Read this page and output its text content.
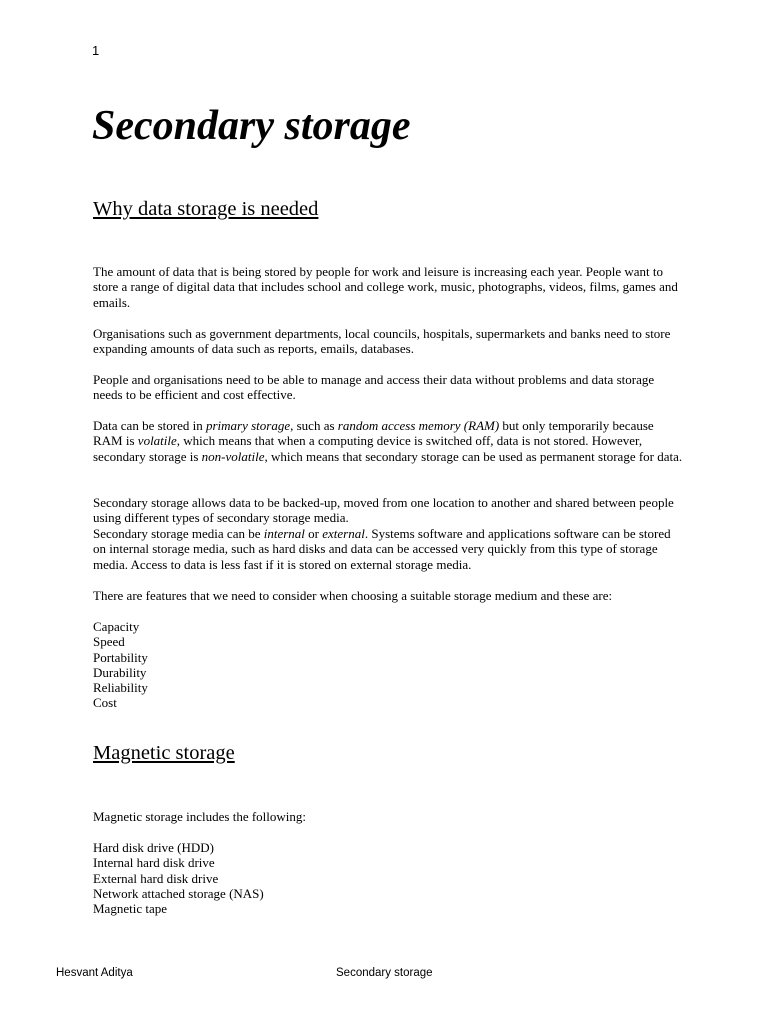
1
Secondary storage
Why data storage is needed

The amount of data that is being stored by people for work and leisure is increasing each year. People want to store a range of digital data that includes school and college work, music, photographs, videos, films, games and emails.

Organisations such as government departments, local councils, hospitals, supermarkets and banks need to store expanding amounts of data such as reports, emails, databases.

People and organisations need to be able to manage and access their data without problems and data storage needs to be efficient and cost effective.

Data can be stored in primary storage, such as random access memory (RAM) but only temporarily because RAM is volatile, which means that when a computing device is switched off, data is not stored. However, secondary storage is non-volatile, which means that secondary storage can be used as permanent storage for data.

Secondary storage allows data to be backed-up, moved from one location to another and shared between people using different types of secondary storage media.

Secondary storage media can be internal or external. Systems software and applications software can be stored on internal storage media, such as hard disks and data can be accessed very quickly from this type of storage media. Access to data is less fast if it is stored on external storage media.

There are features that we need to consider when choosing a suitable storage medium and these are:

Capacity
Speed
Portability
Durability
Reliability
Cost
Magnetic storage

Magnetic storage includes the following:

Hard disk drive (HDD)
Internal hard disk drive
External hard disk drive
Network attached storage (NAS)
Magnetic tape
Hesvant Aditya	Secondary storage
